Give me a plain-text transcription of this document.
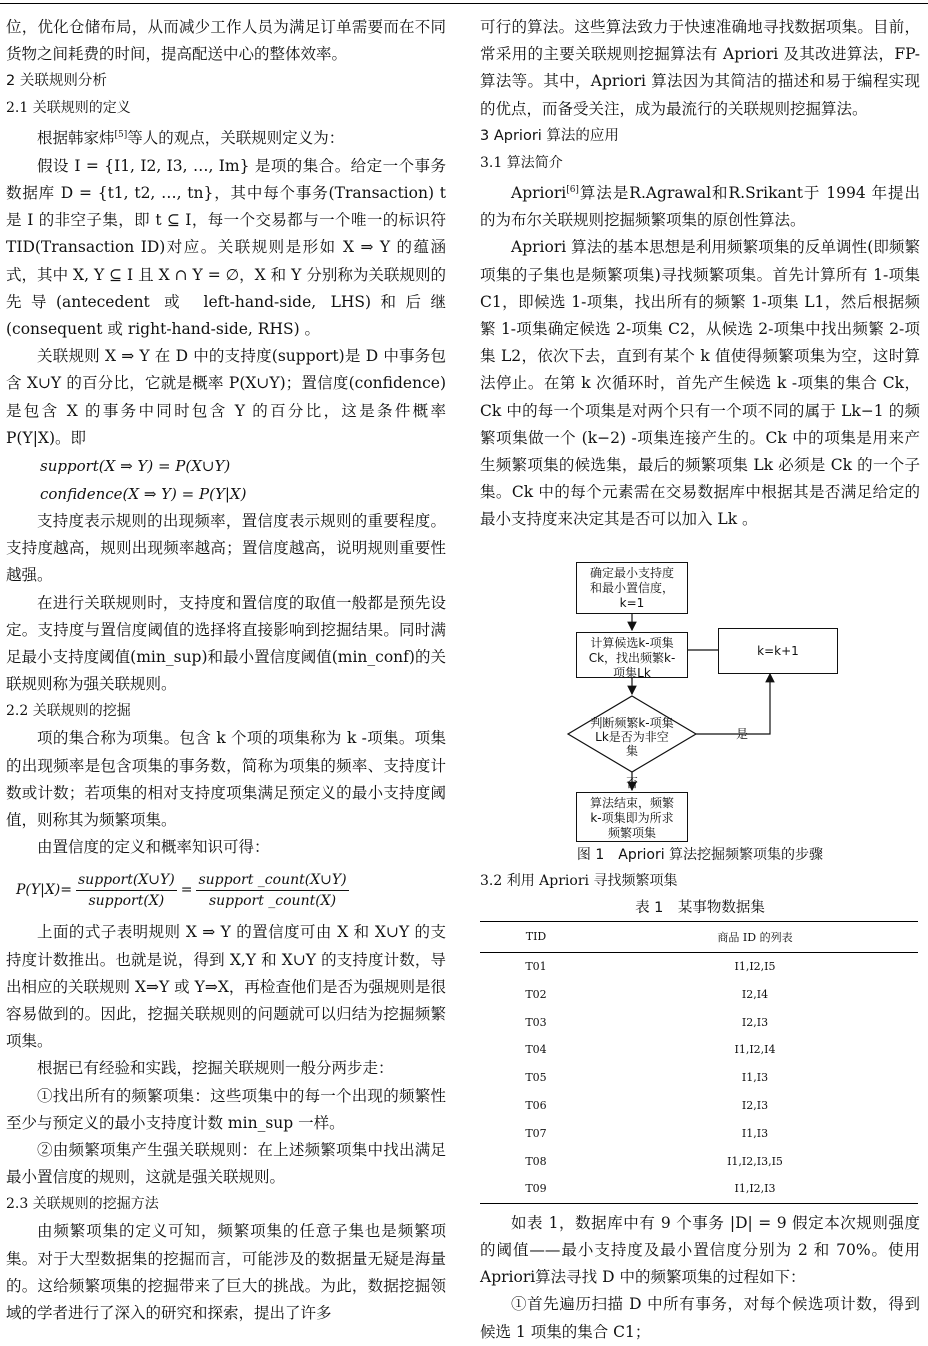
位，优化仓储布局，从而减少工作人员为满足订单需要而在不同货物之间耗费的时间，提高配送中心的整体效率。

2 关联规则分析
2.1 关联规则的定义

根据韩家炜[5]等人的观点，关联规则定义为：

假设 I = {I1, I2, I3, …, Im} 是项的集合。给定一个事务数据库 D = {t1, t2, …, tn}，其中每个事务(Transaction) t 是 I 的非空子集，即 t ⊆ I，每一个交易都与一个唯一的标识符 TID(Transaction ID)对应。关联规则是形如 X ⇒ Y 的蕴涵式，其中 X, Y ⊆ I 且 X ∩ Y = ∅，X 和 Y 分别称为关联规则的先导(antecedent 或 left-hand-side, LHS)和后继(consequent 或 right-hand-side, RHS) 。

关联规则 X ⇒ Y 在 D 中的支持度(support)是 D 中事务包含 X∪Y 的百分比，它就是概率 P(X∪Y)；置信度(confidence)是包含 X 的事务中同时包含 Y 的百分比，这是条件概率 P(Y|X)。即

support(X ⇒ Y) = P(X∪Y)
confidence(X ⇒ Y) = P(Y|X)

支持度表示规则的出现频率，置信度表示规则的重要程度。支持度越高，规则出现频率越高；置信度越高，说明规则重要性越强。

在进行关联规则时，支持度和置信度的取值一般都是预先设定。支持度与置信度阈值的选择将直接影响到挖掘结果。同时满足最小支持度阈值(min_sup)和最小置信度阈值(min_conf)的关联规则称为强关联规则。

2.2 关联规则的挖掘

项的集合称为项集。包含 k 个项的项集称为 k -项集。项集的出现频率是包含项集的事务数，简称为项集的频率、支持度计数或计数；若项集的相对支持度项集满足预定义的最小支持度阈值，则称其为频繁项集。

由置信度的定义和概率知识可得：

$P(Y|X)= \frac{\text{support(X∪Y)}}{\text{support(X)}} = \frac{\text{support \_count(X∪Y)}}{\text{support \_count(X)}}$

上面的式子表明规则 X ⇒ Y 的置信度可由 X 和 X∪Y 的支持度计数推出。也就是说，得到 X,Y 和 X∪Y 的支持度计数，导出相应的关联规则 X⇒Y 或 Y⇒X，再检查他们是否为强规则是很容易做到的。因此，挖掘关联规则的问题就可以归结为挖掘频繁项集。

根据已有经验和实践，挖掘关联规则一般分两步走：

①找出所有的频繁项集：这些项集中的每一个出现的频繁性至少与预定义的最小支持度计数 min_sup 一样。

②由频繁项集产生强关联规则：在上述频繁项集中找出满足最小置信度的规则，这就是强关联规则。

2.3 关联规则的挖掘方法

由频繁项集的定义可知，频繁项集的任意子集也是频繁项集。对于大型数据集的挖掘而言，可能涉及的数据量无疑是海量的。这给频繁项集的挖掘带来了巨大的挑战。为此，数据挖掘领域的学者进行了深入的研究和探索，提出了许多

可行的算法。这些算法致力于快速准确地寻找数据项集。目前，常采用的主要关联规则挖掘算法有 Apriori 及其改进算法，FP-算法等。其中，Apriori 算法因为其简洁的描述和易于编程实现的优点，而备受关注，成为最流行的关联规则挖掘算法。

3 Apriori 算法的应用
3.1 算法简介

Apriori[6]算法是R.Agrawal和R.Srikant于 1994 年提出的为布尔关联规则挖掘频繁项集的原创性算法。

Apriori 算法的基本思想是利用频繁项集的反单调性(即频繁项集的子集也是频繁项集)寻找频繁项集。首先计算所有 1-项集 C1，即候选 1-项集，找出所有的频繁 1-项集 L1，然后根据频繁 1-项集确定候选 2-项集 C2，从候选 2-项集中找出频繁 2-项集 L2，依次下去，直到有某个 k 值使得频繁项集为空，这时算法停止。在第 k 次循环时，首先产生候选 k -项集的集合 Ck，Ck 中的每一个项集是对两个只有一个项不同的属于 Lk−1 的频繁项集做一个 (k−2) -项集连接产生的。Ck 中的项集是用来产生频繁项集的候选集，最后的频繁项集 Lk 必须是 Ck 的一个子集。Ck 中的每个元素需在交易数据库中根据其是否满足给定的最小支持度来决定其是否可以加入 Lk 。

确定最小支持度和最小置信度，k=1
计算候选k-项集Ck，找出频繁k-项集Lk
k=k+1
判断频繁k-项集Lk是否为非空集
是
否
算法结束，频繁k-项集即为所求频繁项集
图 1　Apriori 算法挖掘频繁项集的步骤
3.2 利用 Apriori 寻找频繁项集
表 1　某事物数据集
TID	商品 ID 的列表
T01	I1,I2,I5
T02	I2,I4
T03	I2,I3
T04	I1,I2,I4
T05	I1,I3
T06	I2,I3
T07	I1,I3
T08	I1,I2,I3,I5
T09	I1,I2,I3

如表 1，数据库中有 9 个事务 |D| = 9 假定本次规则强度的阈值——最小支持度及最小置信度分别为 2 和 70%。使用 Apriori算法寻找 D 中的频繁项集的过程如下：

①首先遍历扫描 D 中所有事务，对每个候选项计数，得到候选 1 项集的集合 C1；
